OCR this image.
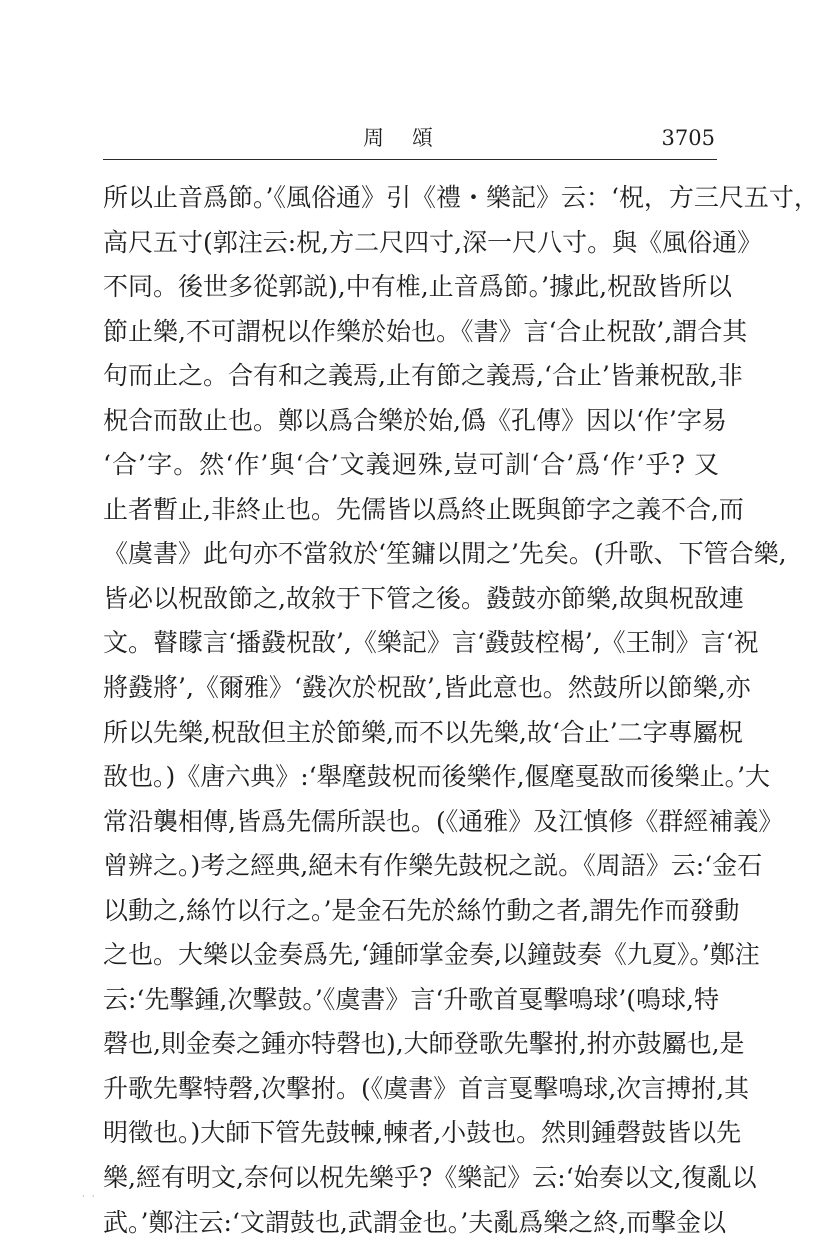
周頌	3705
所以止音爲節。’《風俗通》引《禮・樂記》云：‘柷，方三尺五寸，
高尺五寸(郭注云:柷,方二尺四寸,深一尺八寸。與《風俗通》
不同。後世多從郭説),中有椎,止音爲節。’據此,柷敔皆所以
節止樂,不可謂柷以作樂於始也。《書》言‘合止柷敔’,謂合其
句而止之。合有和之義焉,止有節之義焉,‘合止’皆兼柷敔,非
柷合而敔止也。鄭以爲合樂於始,僞《孔傳》因以‘作’字易
‘合’字。然‘作’與‘合’文義迥殊,豈可訓‘合’爲‘作’乎? 又
止者暫止,非終止也。先儒皆以爲終止既與節字之義不合,而
《虞書》此句亦不當敘於‘笙鏞以閒之’先矣。(升歌、下管合樂,
皆必以柷敔節之,故敘于下管之後。鼗鼓亦節樂,故與柷敔連
文。瞽矇言‘播鼗柷敔’,《樂記》言‘鼗鼓椌楬’,《王制》言‘祝
將鼗將’,《爾雅》‘鼗次於柷敔’,皆此意也。然鼓所以節樂,亦
所以先樂,柷敔但主於節樂,而不以先樂,故‘合止’二字專屬柷
敔也。)《唐六典》:‘舉麾鼓柷而後樂作,偃麾戛敔而後樂止。’大
常沿襲相傳,皆爲先儒所誤也。(《通雅》及江慎修《群經補義》
曾辨之。)考之經典,絕未有作樂先鼓柷之説。《周語》云:‘金石
以動之,絲竹以行之。’是金石先於絲竹動之者,謂先作而發動
之也。大樂以金奏爲先,‘鍾師掌金奏,以鐘鼓奏《九夏》。’鄭注
云:‘先擊鍾,次擊鼓。’《虞書》言‘升歌首戛擊鳴球’(鳴球,特
磬也,則金奏之鍾亦特磬也),大師登歌先擊拊,拊亦鼓屬也,是
升歌先擊特磬,次擊拊。(《虞書》首言戛擊鳴球,次言搏拊,其
明徵也。)大師下管先鼓朄,朄者,小鼓也。然則鍾磬鼓皆以先
樂,經有明文,奈何以柷先樂乎?《樂記》云:‘始奏以文,復亂以
武。’鄭注云:‘文謂鼓也,武謂金也。’夫亂爲樂之終,而擊金以
· ·
